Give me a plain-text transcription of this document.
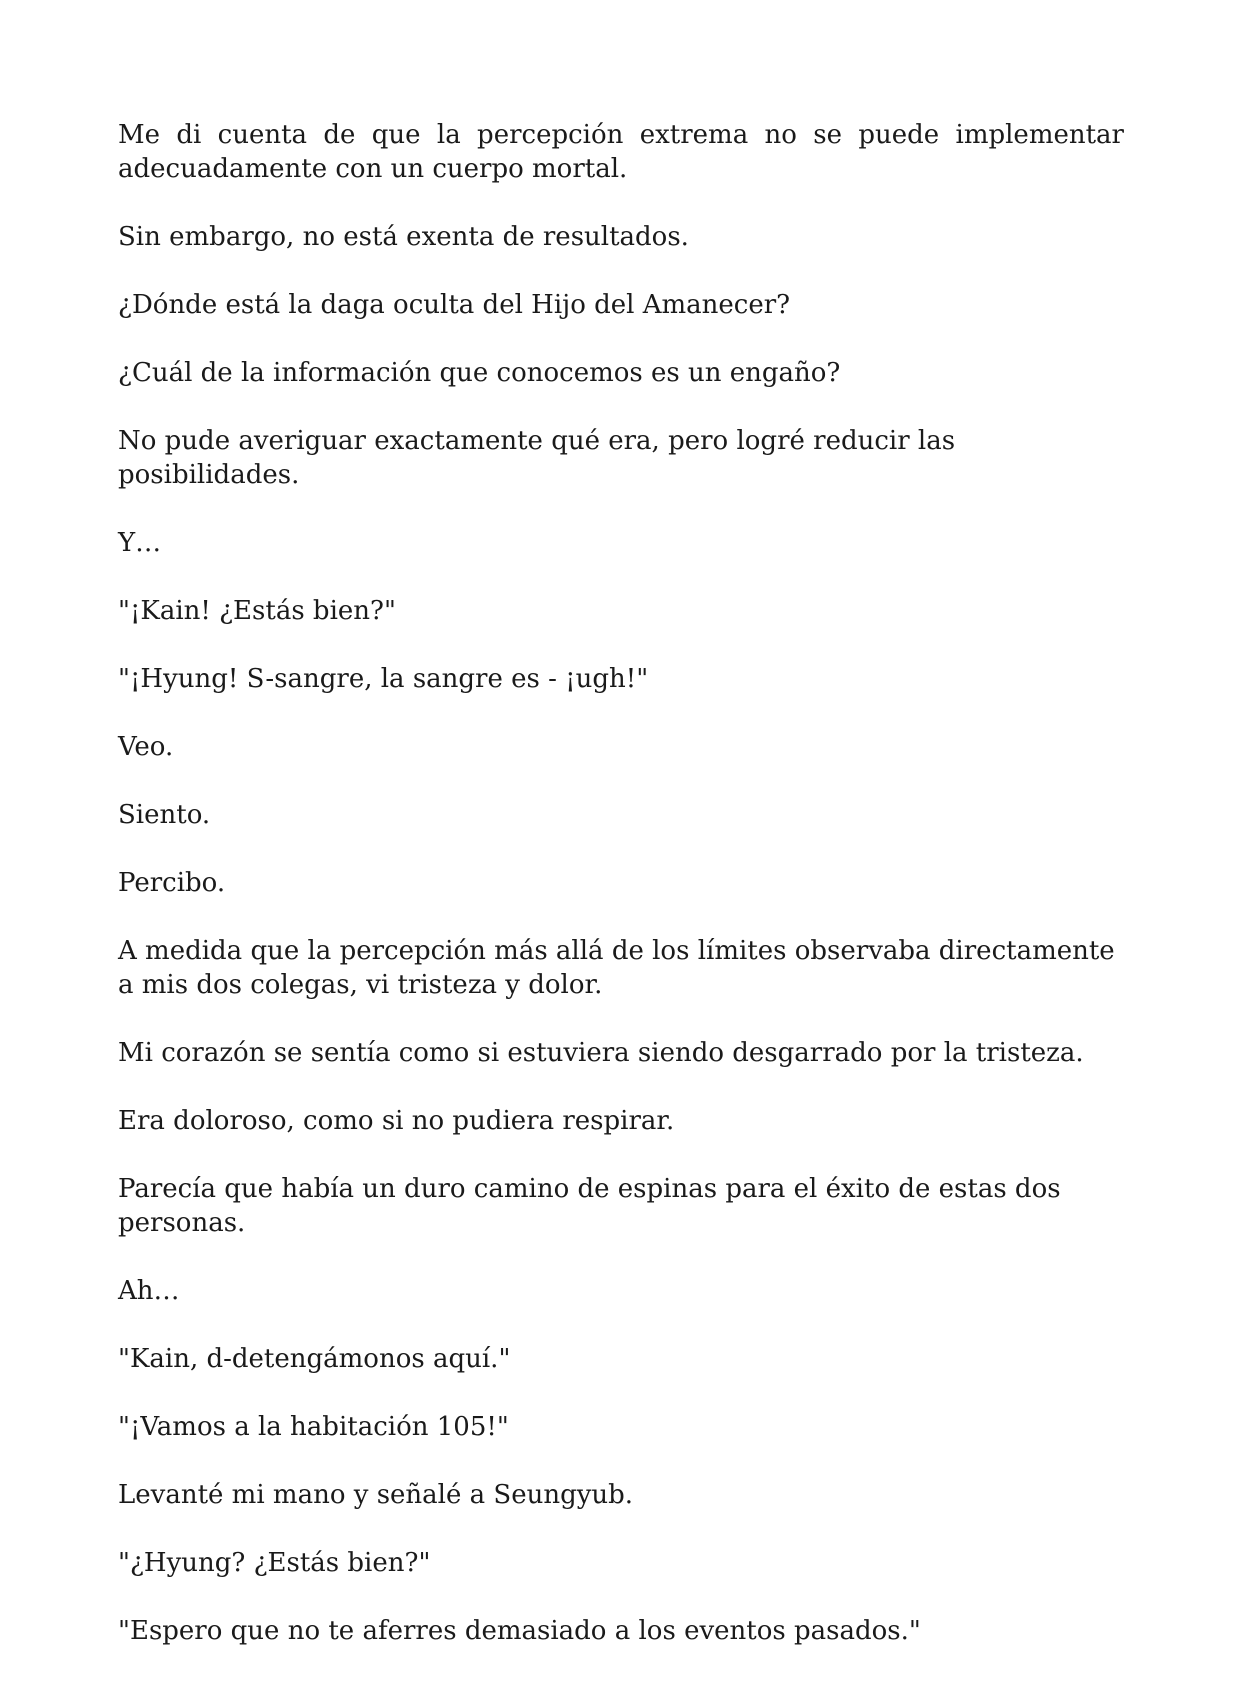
Me di cuenta de que la percepción extrema no se puede implementar adecuadamente con un cuerpo mortal.

Sin embargo, no está exenta de resultados.

¿Dónde está la daga oculta del Hijo del Amanecer?

¿Cuál de la información que conocemos es un engaño?

No pude averiguar exactamente qué era, pero logré reducir las posibilidades.

Y…

"¡Kain! ¿Estás bien?"

"¡Hyung! S-sangre, la sangre es - ¡ugh!"

Veo.

Siento.

Percibo.

A medida que la percepción más allá de los límites observaba directamente a mis dos colegas, vi tristeza y dolor.

Mi corazón se sentía como si estuviera siendo desgarrado por la tristeza.

Era doloroso, como si no pudiera respirar.

Parecía que había un duro camino de espinas para el éxito de estas dos personas.

Ah…

"Kain, d-detengámonos aquí."

"¡Vamos a la habitación 105!"

Levanté mi mano y señalé a Seungyub.

"¿Hyung? ¿Estás bien?"

"Espero que no te aferres demasiado a los eventos pasados."
